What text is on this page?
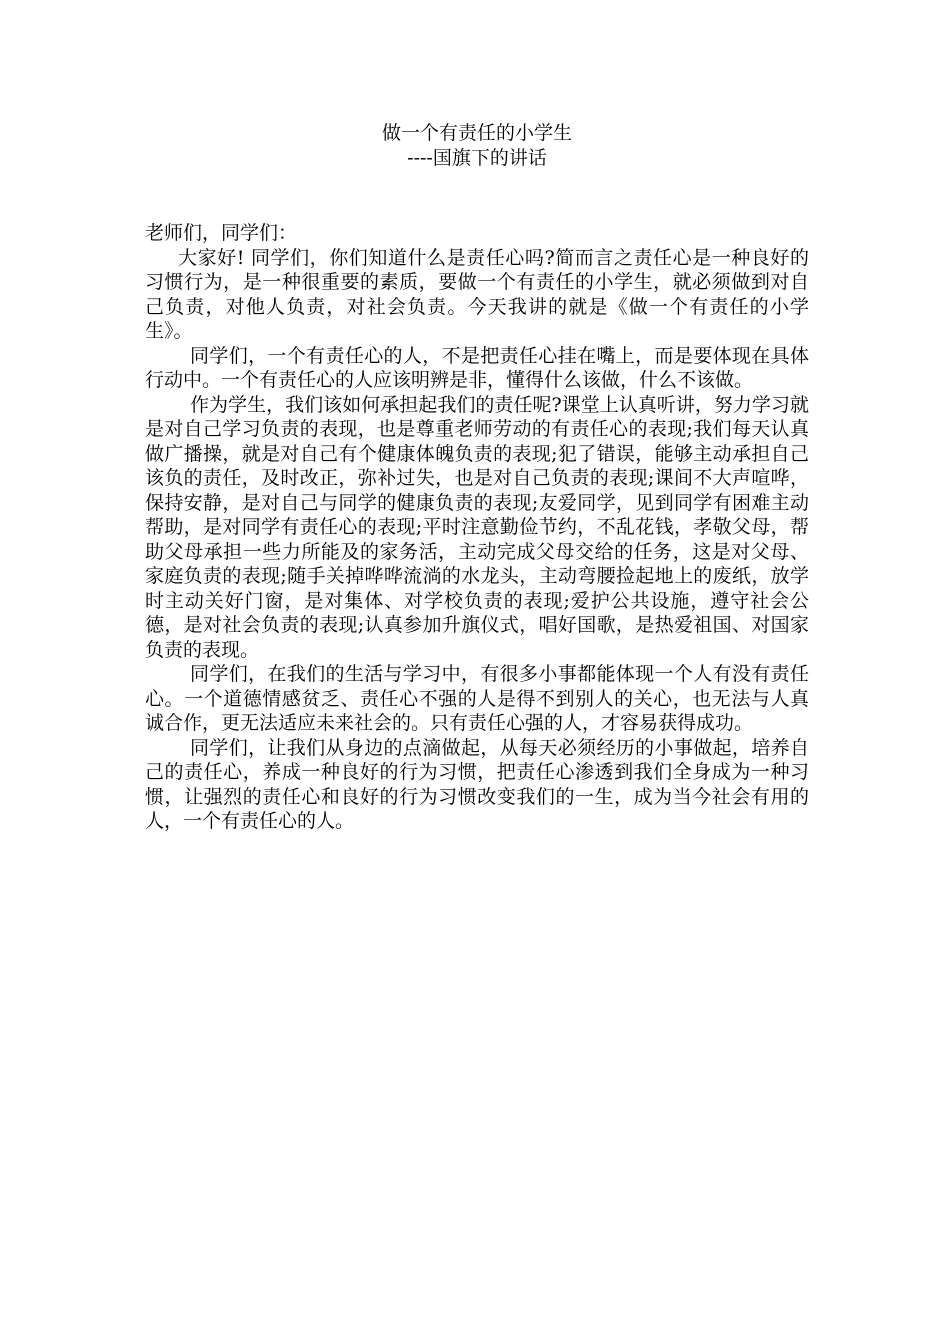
做一个有责任的小学生

----国旗下的讲话

老师们，同学们：

大家好! 同学们，你们知道什么是责任心吗?简而言之责任心是一种良好的习惯行为，是一种很重要的素质，要做一个有责任的小学生，就必须做到对自己负责，对他人负责，对社会负责。今天我讲的就是《做一个有责任的小学生》。

同学们，一个有责任心的人，不是把责任心挂在嘴上，而是要体现在具体行动中。一个有责任心的人应该明辨是非，懂得什么该做，什么不该做。

作为学生，我们该如何承担起我们的责任呢?课堂上认真听讲，努力学习就是对自己学习负责的表现，也是尊重老师劳动的有责任心的表现;我们每天认真做广播操，就是对自己有个健康体魄负责的表现;犯了错误，能够主动承担自己该负的责任，及时改正，弥补过失，也是对自己负责的表现;课间不大声喧哗，保持安静，是对自己与同学的健康负责的表现;友爱同学，见到同学有困难主动帮助，是对同学有责任心的表现;平时注意勤俭节约，不乱花钱，孝敬父母，帮助父母承担一些力所能及的家务活，主动完成父母交给的任务，这是对父母、家庭负责的表现;随手关掉哗哗流淌的水龙头，主动弯腰捡起地上的废纸，放学时主动关好门窗，是对集体、对学校负责的表现;爱护公共设施，遵守社会公德，是对社会负责的表现;认真参加升旗仪式，唱好国歌，是热爱祖国、对国家负责的表现。

同学们，在我们的生活与学习中，有很多小事都能体现一个人有没有责任心。一个道德情感贫乏、责任心不强的人是得不到别人的关心，也无法与人真诚合作，更无法适应未来社会的。只有责任心强的人，才容易获得成功。

同学们，让我们从身边的点滴做起，从每天必须经历的小事做起，培养自己的责任心，养成一种良好的行为习惯，把责任心渗透到我们全身成为一种习惯，让强烈的责任心和良好的行为习惯改变我们的一生，成为当今社会有用的人，一个有责任心的人。
